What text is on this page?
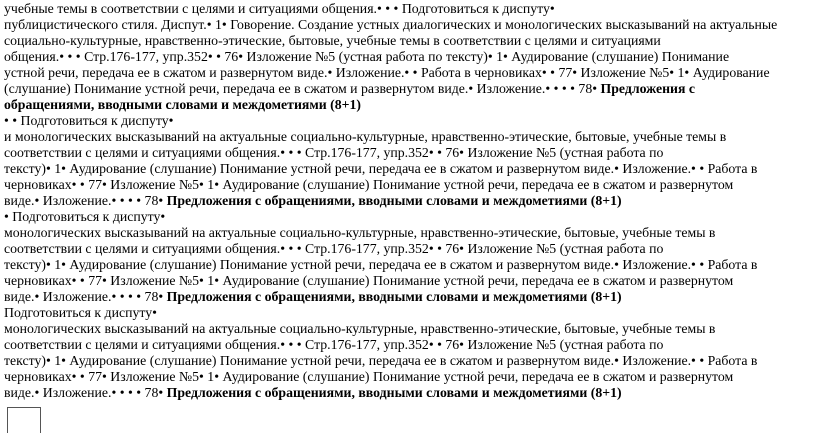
учебные темы в соответствии с целями и ситуациями общения.• • • Подготовиться к диспуту•
публицистического стиля. Диспут.• 1• Говорение. Создание устных диалогических и монологических высказываний на актуальные
социально-культурные, нравственно-этические, бытовые, учебные темы в соответствии с целями и ситуациями
общения.• • • Стр.176-177, упр.352• • 76• Изложение №5 (устная работа по тексту)• 1• Аудирование (слушание) Понимание
устной речи, передача ее в сжатом и развернутом виде.• Изложение.• • Работа в черновиках• • 77• Изложение №5• 1• Аудирование
(слушание) Понимание устной речи, передача ее в сжатом и развернутом виде.• Изложение.• • • • 78• Предложения с
обращениями, вводными словами и междометиями (8+1)
• • Подготовиться к диспуту•
и монологических высказываний на актуальные социально-культурные, нравственно-этические, бытовые, учебные темы в
соответствии с целями и ситуациями общения.• • • Стр.176-177, упр.352• • 76• Изложение №5 (устная работа по
тексту)• 1• Аудирование (слушание) Понимание устной речи, передача ее в сжатом и развернутом виде.• Изложение.• • Работа в
черновиках• • 77• Изложение №5• 1• Аудирование (слушание) Понимание устной речи, передача ее в сжатом и развернутом
виде.• Изложение.• • • • 78• Предложения с обращениями, вводными словами и междометиями (8+1)
• Подготовиться к диспуту•
монологических высказываний на актуальные социально-культурные, нравственно-этические, бытовые, учебные темы в
соответствии с целями и ситуациями общения.• • • Стр.176-177, упр.352• • 76• Изложение №5 (устная работа по
тексту)• 1• Аудирование (слушание) Понимание устной речи, передача ее в сжатом и развернутом виде.• Изложение.• • Работа в
черновиках• • 77• Изложение №5• 1• Аудирование (слушание) Понимание устной речи, передача ее в сжатом и развернутом
виде.• Изложение.• • • • 78• Предложения с обращениями, вводными словами и междометиями (8+1)
Подготовиться к диспуту•
монологических высказываний на актуальные социально-культурные, нравственно-этические, бытовые, учебные темы в
соответствии с целями и ситуациями общения.• • • Стр.176-177, упр.352• • 76• Изложение №5 (устная работа по
тексту)• 1• Аудирование (слушание) Понимание устной речи, передача ее в сжатом и развернутом виде.• Изложение.• • Работа в
черновиках• • 77• Изложение №5• 1• Аудирование (слушание) Понимание устной речи, передача ее в сжатом и развернутом
виде.• Изложение.• • • • 78• Предложения с обращениями, вводными словами и междометиями (8+1)
